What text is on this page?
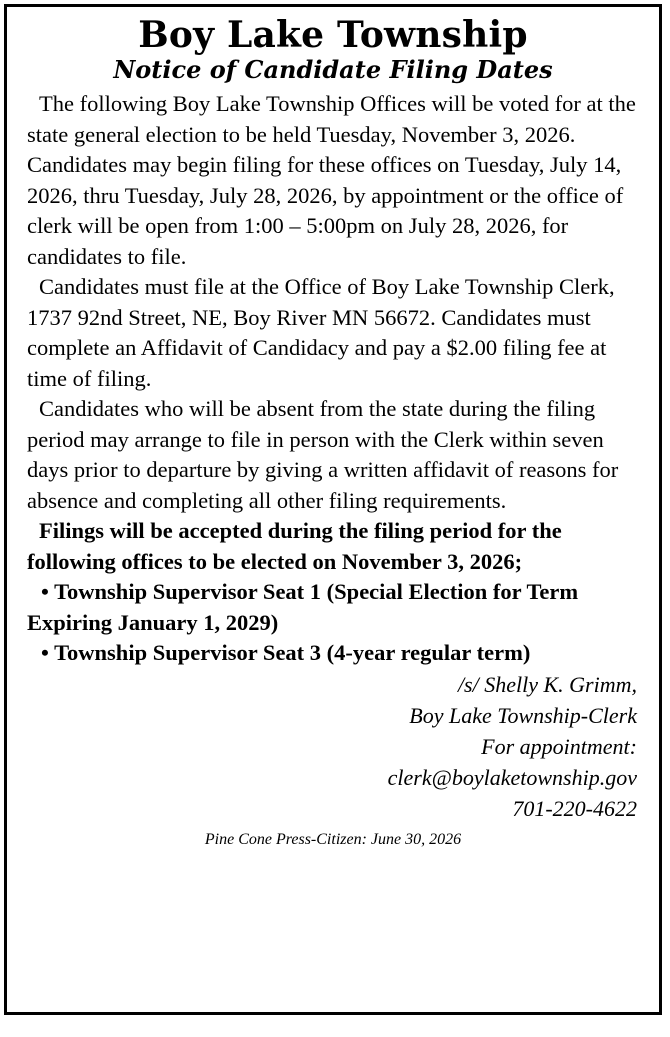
Boy Lake Township
Notice of Candidate Filing Dates

The following Boy Lake Township Offices will be voted for at the state general election to be held Tuesday, November 3, 2026. Candidates may begin filing for these offices on Tuesday, July 14, 2026, thru Tuesday, July 28, 2026, by appointment or the office of clerk will be open from 1:00 – 5:00pm on July 28, 2026, for candidates to file.

Candidates must file at the Office of Boy Lake Township Clerk, 1737 92nd Street, NE, Boy River MN 56672. Candidates must complete an Affidavit of Candidacy and pay a $2.00 filing fee at time of filing.

Candidates who will be absent from the state during the filing period may arrange to file in person with the Clerk within seven days prior to departure by giving a written affidavit of reasons for absence and completing all other filing requirements.

Filings will be accepted during the filing period for the following offices to be elected on November 3, 2026;

• Township Supervisor Seat 1 (Special Election for Term Expiring January 1, 2029)

• Township Supervisor Seat 3 (4-year regular term)

/s/ Shelly K. Grimm,
Boy Lake Township-Clerk
For appointment:
clerk@boylaketownship.gov
701-220-4622
Pine Cone Press-Citizen: June 30, 2026
